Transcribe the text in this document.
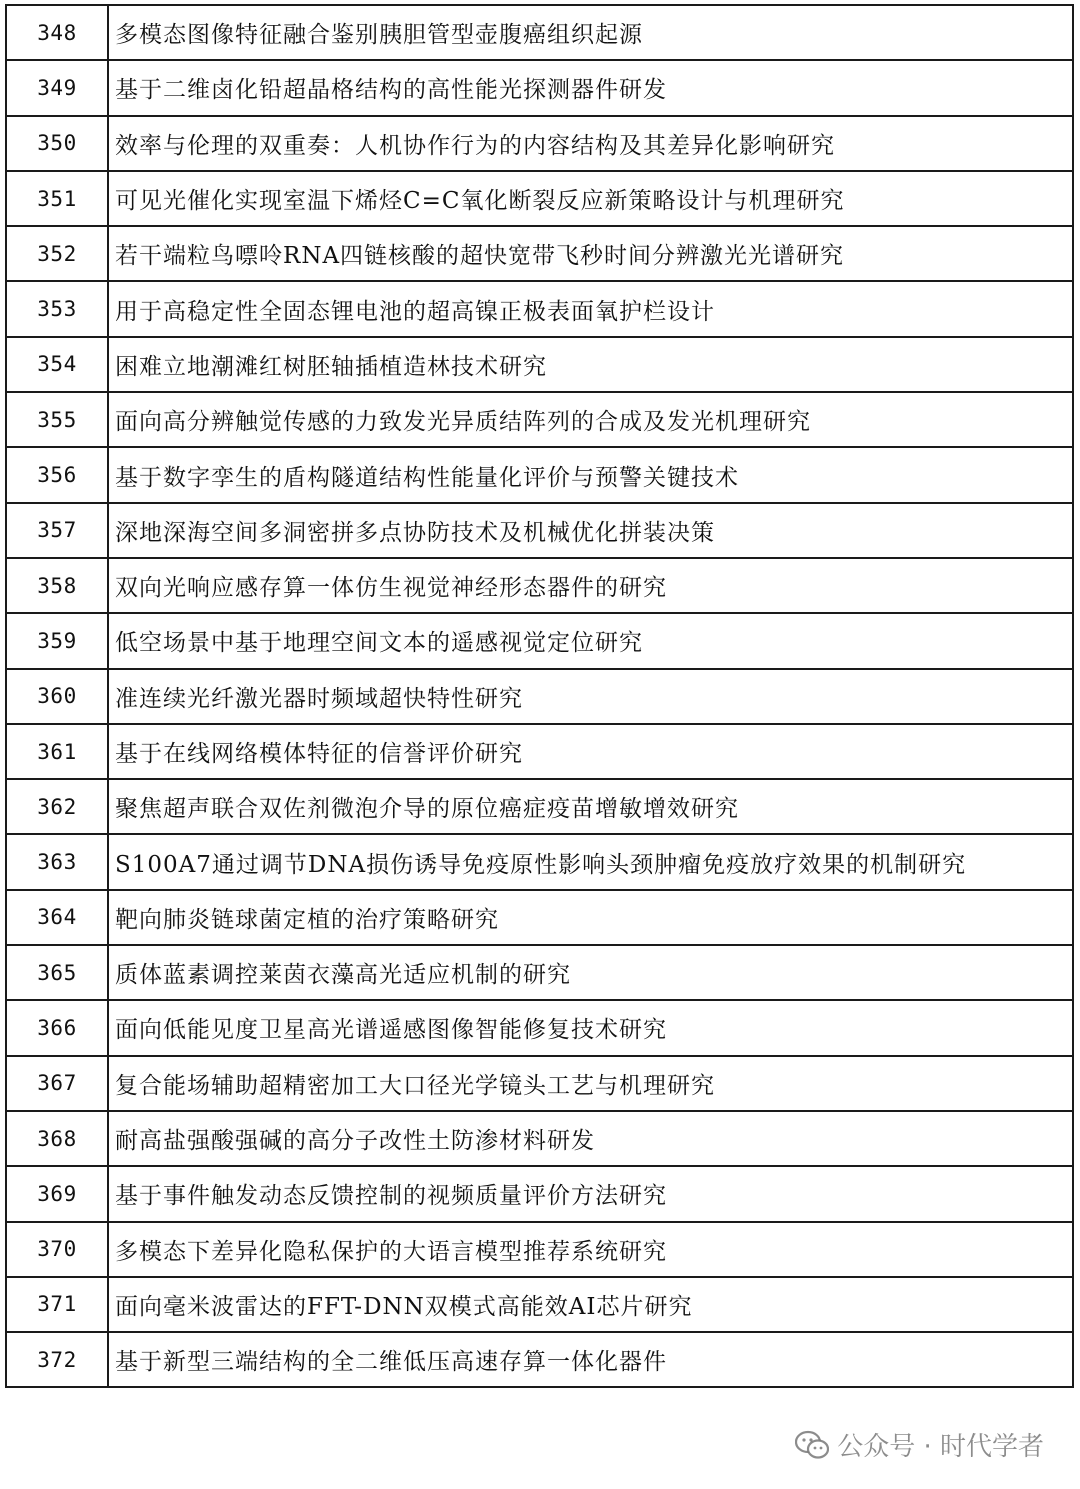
348	多模态图像特征融合鉴别胰胆管型壶腹癌组织起源
349	基于二维卤化铅超晶格结构的高性能光探测器件研发
350	效率与伦理的双重奏：人机协作行为的内容结构及其差异化影响研究
351	可见光催化实现室温下烯烃C=C氧化断裂反应新策略设计与机理研究
352	若干端粒鸟嘌呤RNA四链核酸的超快宽带飞秒时间分辨激光光谱研究
353	用于高稳定性全固态锂电池的超高镍正极表面氧护栏设计
354	困难立地潮滩红树胚轴插植造林技术研究
355	面向高分辨触觉传感的力致发光异质结阵列的合成及发光机理研究
356	基于数字孪生的盾构隧道结构性能量化评价与预警关键技术
357	深地深海空间多洞密拼多点协防技术及机械优化拼装决策
358	双向光响应感存算一体仿生视觉神经形态器件的研究
359	低空场景中基于地理空间文本的遥感视觉定位研究
360	准连续光纤激光器时频域超快特性研究
361	基于在线网络模体特征的信誉评价研究
362	聚焦超声联合双佐剂微泡介导的原位癌症疫苗增敏增效研究
363	S100A7通过调节DNA损伤诱导免疫原性影响头颈肿瘤免疫放疗效果的机制研究
364	靶向肺炎链球菌定植的治疗策略研究
365	质体蓝素调控莱茵衣藻高光适应机制的研究
366	面向低能见度卫星高光谱遥感图像智能修复技术研究
367	复合能场辅助超精密加工大口径光学镜头工艺与机理研究
368	耐高盐强酸强碱的高分子改性土防渗材料研发
369	基于事件触发动态反馈控制的视频质量评价方法研究
370	多模态下差异化隐私保护的大语言模型推荐系统研究
371	面向毫米波雷达的FFT-DNN双模式高能效AI芯片研究
372	基于新型三端结构的全二维低压高速存算一体化器件
公众号 · 时代学者
